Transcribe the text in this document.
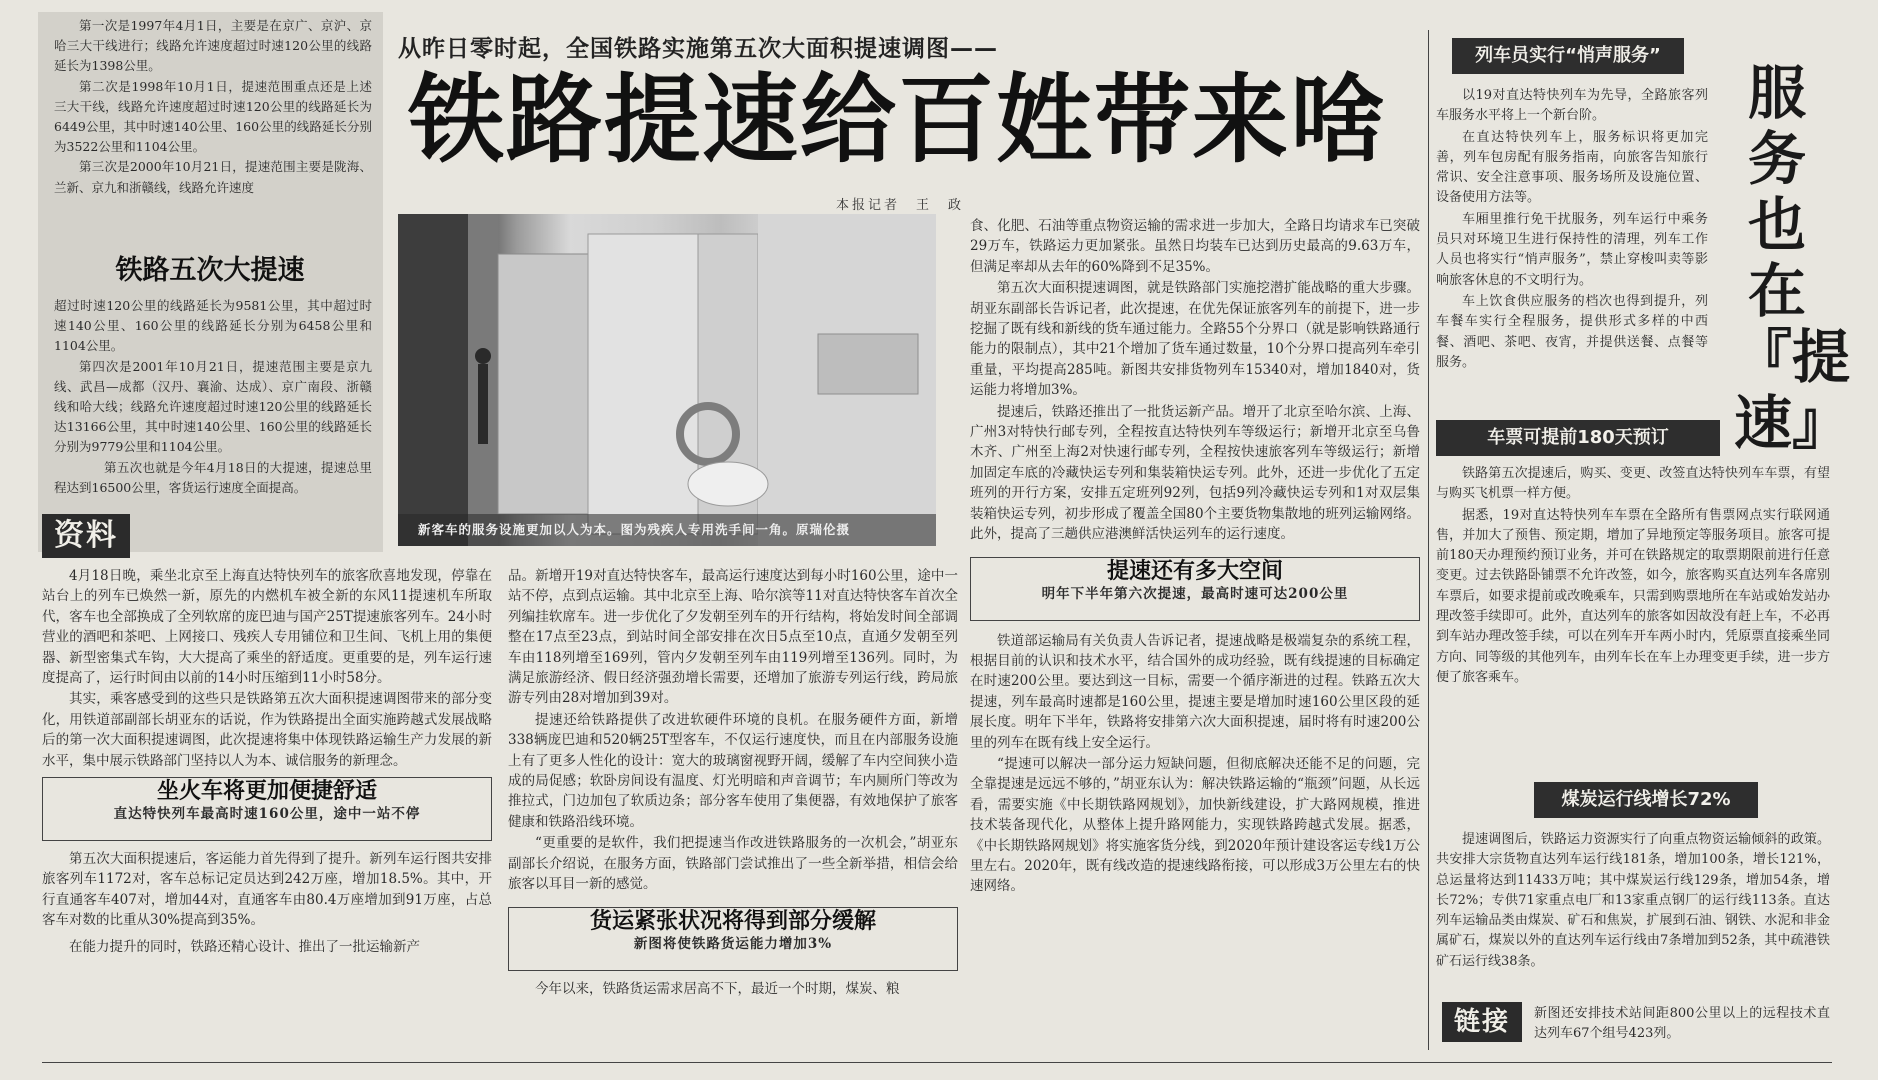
第一次是1997年4月1日，主要是在京广、京沪、京哈三大干线进行；线路允许速度超过时速120公里的线路延长为1398公里。

第二次是1998年10月1日，提速范围重点还是上述三大干线，线路允许速度超过时速120公里的线路延长为6449公里，其中时速140公里、160公里的线路延长分别为3522公里和1104公里。

第三次是2000年10月21日，提速范围主要是陇海、兰新、京九和浙赣线，线路允许速度

铁路五次大提速

超过时速120公里的线路延长为9581公里，其中超过时速140公里、160公里的线路延长分别为6458公里和1104公里。

第四次是2001年10月21日，提速范围主要是京九线、武昌—成都（汉丹、襄渝、达成）、京广南段、浙赣线和哈大线；线路允许速度超过时速120公里的线路延长达13166公里，其中时速140公里、160公里的线路延长分别为9779公里和1104公里。

第五次也就是今年4月18日的大提速，提速总里程达到16500公里，客货运行速度全面提高。

资料
从昨日零时起，全国铁路实施第五次大面积提速调图——
铁路提速给百姓带来啥
本报记者　王　政
新客车的服务设施更加以人为本。图为残疾人专用洗手间一角。原瑞伦摄

4月18日晚，乘坐北京至上海直达特快列车的旅客欣喜地发现，停靠在站台上的列车已焕然一新，原先的内燃机车被全新的东风11提速机车所取代，客车也全部换成了全列软席的庞巴迪与国产25T提速旅客列车。24小时营业的酒吧和茶吧、上网接口、残疾人专用铺位和卫生间、飞机上用的集便器、新型密集式车钩，大大提高了乘坐的舒适度。更重要的是，列车运行速度提高了，运行时间由以前的14小时压缩到11小时58分。

其实，乘客感受到的这些只是铁路第五次大面积提速调图带来的部分变化，用铁道部副部长胡亚东的话说，作为铁路提出全面实施跨越式发展战略后的第一次大面积提速调图，此次提速将集中体现铁路运输生产力发展的新水平，集中展示铁路部门坚持以人为本、诚信服务的新理念。

坐火车将更加便捷舒适
直达特快列车最高时速160公里，途中一站不停

第五次大面积提速后，客运能力首先得到了提升。新列车运行图共安排旅客列车1172对，客车总标记定员达到242万座，增加18.5%。其中，开行直通客车407对，增加44对，直通客车由80.4万座增加到91万座，占总客车对数的比重从30%提高到35%。

在能力提升的同时，铁路还精心设计、推出了一批运输新产

品。新增开19对直达特快客车，最高运行速度达到每小时160公里，途中一站不停，点到点运输。其中北京至上海、哈尔滨等11对直达特快客车首次全列编挂软席车。进一步优化了夕发朝至列车的开行结构，将始发时间全部调整在17点至23点，到站时间全部安排在次日5点至10点，直通夕发朝至列车由118列增至169列，管内夕发朝至列车由119列增至136列。同时，为满足旅游经济、假日经济强劲增长需要，还增加了旅游专列运行线，跨局旅游专列由28对增加到39对。

提速还给铁路提供了改进软硬件环境的良机。在服务硬件方面，新增338辆庞巴迪和520辆25T型客车，不仅运行速度快，而且在内部服务设施上有了更多人性化的设计：宽大的玻璃窗视野开阔，缓解了车内空间狭小造成的局促感；软卧房间设有温度、灯光明暗和声音调节；车内厕所门等改为推拉式，门边加包了软质边条；部分客车使用了集便器，有效地保护了旅客健康和铁路沿线环境。

“更重要的是软件，我们把提速当作改进铁路服务的一次机会，”胡亚东副部长介绍说，在服务方面，铁路部门尝试推出了一些全新举措，相信会给旅客以耳目一新的感觉。

货运紧张状况将得到部分缓解
新图将使铁路货运能力增加3%

今年以来，铁路货运需求居高不下，最近一个时期，煤炭、粮

食、化肥、石油等重点物资运输的需求进一步加大，全路日均请求车已突破29万车，铁路运力更加紧张。虽然日均装车已达到历史最高的9.63万车，但满足率却从去年的60%降到不足35%。

第五次大面积提速调图，就是铁路部门实施挖潜扩能战略的重大步骤。胡亚东副部长告诉记者，此次提速，在优先保证旅客列车的前提下，进一步挖掘了既有线和新线的货车通过能力。全路55个分界口（就是影响铁路通行能力的限制点），其中21个增加了货车通过数量，10个分界口提高列车牵引重量，平均提高285吨。新图共安排货物列车15340对，增加1840对，货运能力将增加3%。

提速后，铁路还推出了一批货运新产品。增开了北京至哈尔滨、上海、广州3对特快行邮专列，全程按直达特快列车等级运行；新增开北京至乌鲁木齐、广州至上海2对快速行邮专列，全程按快速旅客列车等级运行；新增加固定车底的冷藏快运专列和集装箱快运专列。此外，还进一步优化了五定班列的开行方案，安排五定班列92列，包括9列冷藏快运专列和1对双层集装箱快运专列，初步形成了覆盖全国80个主要货物集散地的班列运输网络。此外，提高了三趟供应港澳鲜活快运列车的运行速度。

提速还有多大空间
明年下半年第六次提速，最高时速可达200公里

铁道部运输局有关负责人告诉记者，提速战略是极端复杂的系统工程，根据目前的认识和技术水平，结合国外的成功经验，既有线提速的目标确定在时速200公里。要达到这一目标，需要一个循序渐进的过程。铁路五次大提速，列车最高时速都是160公里，提速主要是增加时速160公里区段的延展长度。明年下半年，铁路将安排第六次大面积提速，届时将有时速200公里的列车在既有线上安全运行。

“提速可以解决一部分运力短缺问题，但彻底解决还能不足的问题，完全靠提速是远远不够的，”胡亚东认为：解决铁路运输的“瓶颈”问题，从长远看，需要实施《中长期铁路网规划》，加快新线建设，扩大路网规模，推进技术装备现代化，从整体上提升路网能力，实现铁路跨越式发展。据悉，《中长期铁路网规划》将实施客货分线，到2020年预计建设客运专线1万公里左右。2020年，既有线改造的提速线路衔接，可以形成3万公里左右的快速网络。

列车员实行“悄声服务”

以19对直达特快列车为先导，全路旅客列车服务水平将上一个新台阶。

在直达特快列车上，服务标识将更加完善，列车包房配有服务指南，向旅客告知旅行常识、安全注意事项、服务场所及设施位置、设备使用方法等。

车厢里推行免干扰服务，列车运行中乘务员只对环境卫生进行保持性的清理，列车工作人员也将实行“悄声服务”，禁止穿梭叫卖等影响旅客休息的不文明行为。

车上饮食供应服务的档次也得到提升，列车餐车实行全程服务，提供形式多样的中西餐、酒吧、茶吧、夜宵，并提供送餐、点餐等服务。

服务也在『提速』
车票可提前180天预订

铁路第五次提速后，购买、变更、改签直达特快列车车票，有望与购买飞机票一样方便。

据悉，19对直达特快列车车票在全路所有售票网点实行联网通售，并加大了预售、预定期，增加了异地预定等服务项目。旅客可提前180天办理预约预订业务，并可在铁路规定的取票期限前进行任意变更。过去铁路卧铺票不允许改签，如今，旅客购买直达列车各席别车票后，如要求提前或改晚乘车，只需到购票地所在车站或始发站办理改签手续即可。此外，直达列车的旅客如因故没有赶上车，不必再到车站办理改签手续，可以在列车开车两小时内，凭原票直接乘坐同方向、同等级的其他列车，由列车长在车上办理变更手续，进一步方便了旅客乘车。

煤炭运行线增长72%

提速调图后，铁路运力资源实行了向重点物资运输倾斜的政策。共安排大宗货物直达列车运行线181条，增加100条，增长121%，总运量将达到11433万吨；其中煤炭运行线129条，增加54条，增长72%；专供71家重点电厂和13家重点钢厂的运行线113条。直达列车运输品类由煤炭、矿石和焦炭，扩展到石油、钢铁、水泥和非金属矿石，煤炭以外的直达列车运行线由7条增加到52条，其中疏港铁矿石运行线38条。

链接	新图还安排技术站间距800公里以上的远程技术直达列车67个组号423列。
